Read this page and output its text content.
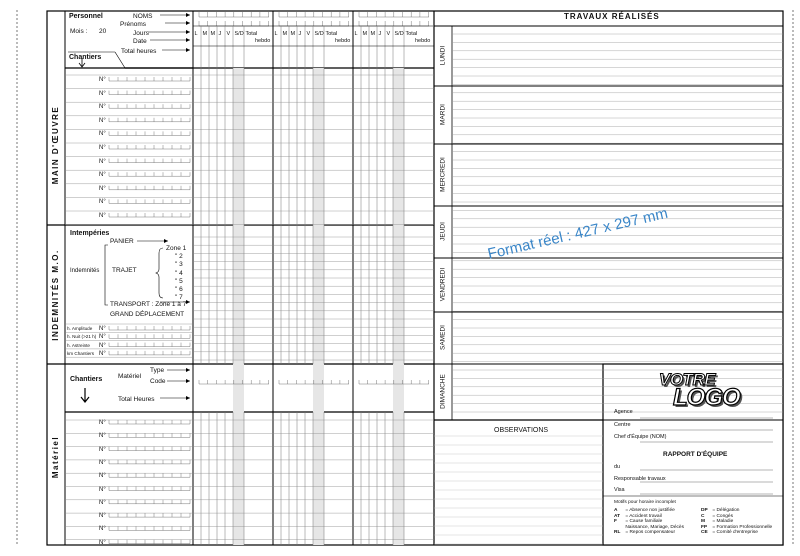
Personnel	NOMS
Prénoms
Mois : 20	Jours
Date
Total heures
Chantiers
MAIN D'ŒUVRE
INDEMNITÉS M.O.
Matériel
Intempéries
PANIER
Indemnités TRAJET
Zone 1
" 2
" 3
" 4
" 5
" 6
" 7
TRANSPORT : Zone 1 à 7
GRAND DÉPLACEMENT
h. Amplitude
h. Nuit (>21 h)
h. Astreinte
km Chantiers
Chantiers Matériel
Type
Code
Total Heures
L M M J V S/D Total
hebdo
L M M J V S/D Total
hebdo
L M M J V S/D Total
hebdo
N°
N°
N°
N°
N°
N°
N°
N°
N°
N°
N°
N°
N°
N°
N°
N°
N°
N°
N°
N°
N°
N°
N°
N°
N°
LUNDI
MARDI
MERCREDI
JEUDI
VENDREDI
SAMEDI
DIMANCHE
TRAVAUX RÉALISÉS
OBSERVATIONS
Format réel : 427 x 297 mm
VOTRE
LOGO
Agence
Centre
Chef d'Équipe (NOM)
RAPPORT D'ÉQUIPE
du
Responsable travaux
Visa
Motifs pour horaire incomplet
A = Absence non justifiée
AT = Accident travail
F = Cause familiale
Naissance, Mariage, Décès
RL = Repos compensateur
DP = Délégation
C = Congés
M = Maladie
FP = Formation Professionnelle
CE = Comité d'entreprise
